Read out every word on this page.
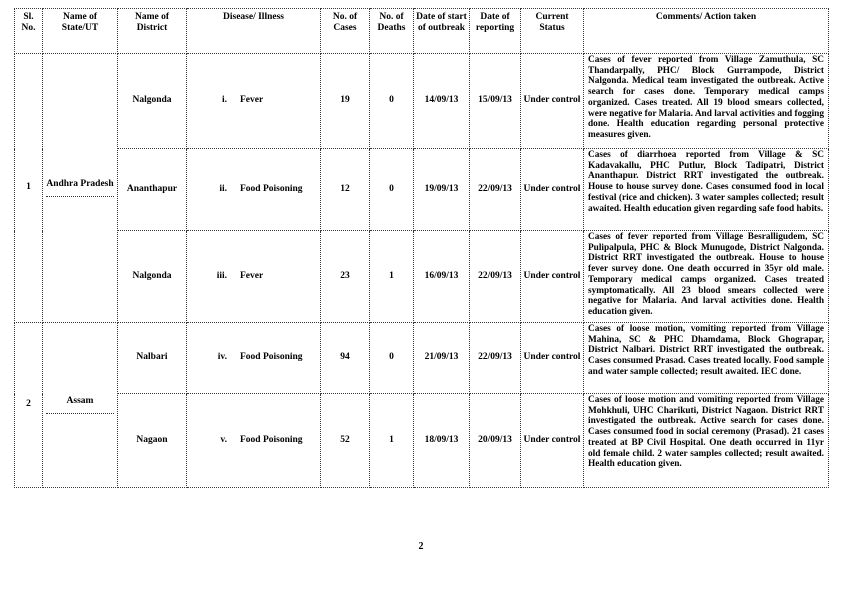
Sl. No.	Name of State/UT	Name of District	Disease/ Illness	No. of Cases	No. of Deaths	Date of start of outbreak	Date of reporting	Current Status	Comments/ Action taken
1	Andhra Pradesh	Nalgonda	i. Fever	19	0	14/09/13	15/09/13	Under control	Cases of fever reported from Village Zamuthula, SC Thandarpally, PHC/ Block Gurrampode, District Nalgonda. Medical team investigated the outbreak. Active search for cases done. Temporary medical camps organized. Cases treated. All 19 blood smears collected, were negative for Malaria. And larval activities and fogging done. Health education regarding personal protective measures given.
		Ananthapur	ii. Food Poisoning	12	0	19/09/13	22/09/13	Under control	Cases of diarrhoea reported from Village & SC Kadavakallu, PHC Putlur, Block Tadipatri, District Ananthapur. District RRT investigated the outbreak. House to house survey done. Cases consumed food in local festival (rice and chicken). 3 water samples collected; result awaited. Health education given regarding safe food habits.
		Nalgonda	iii. Fever	23	1	16/09/13	22/09/13	Under control	Cases of fever reported from Village Besralligudem, SC Pulipalpula, PHC & Block Munugode, District Nalgonda. District RRT investigated the outbreak. House to house fever survey done. One death occurred in 35yr old male. Temporary medical camps organized. Cases treated symptomatically. All 23 blood smears collected were negative for Malaria. And larval activities done. Health education given.
2	Assam	Nalbari	iv. Food Poisoning	94	0	21/09/13	22/09/13	Under control	Cases of loose motion, vomiting reported from Village Mahina, SC & PHC Dhamdama, Block Ghograpar, District Nalbari. District RRT investigated the outbreak. Cases consumed Prasad. Cases treated locally. Food sample and water sample collected; result awaited. IEC done.
		Nagaon	v. Food Poisoning	52	1	18/09/13	20/09/13	Under control	Cases of loose motion and vomiting reported from Village Mohkhuli, UHC Charikuti, District Nagaon. District RRT investigated the outbreak. Active search for cases done. Cases consumed food in social ceremony (Prasad). 21 cases treated at BP Civil Hospital. One death occurred in 11yr old female child. 2 water samples collected; result awaited. Health education given.
2
